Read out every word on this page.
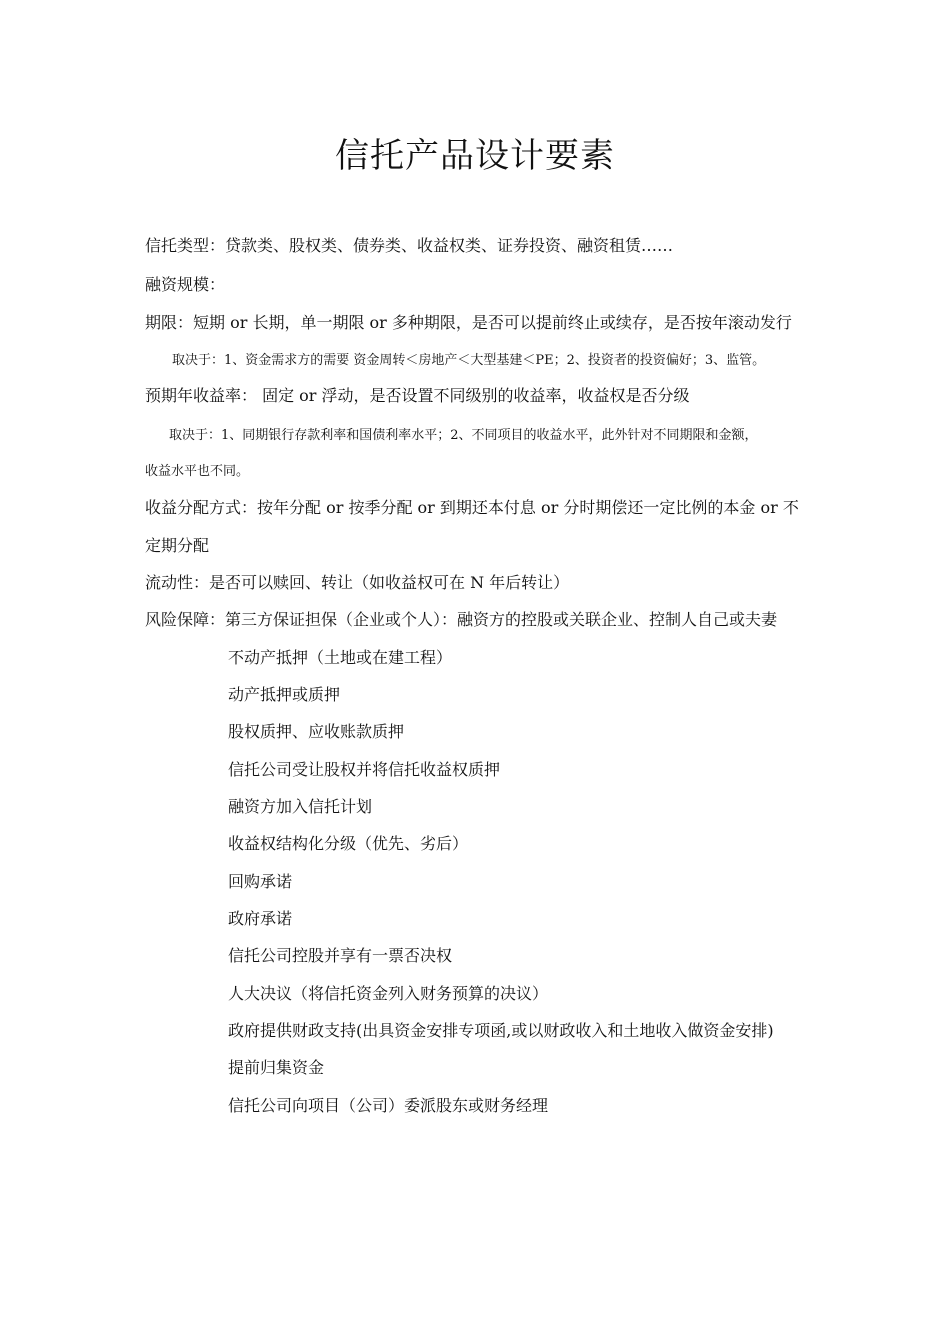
信托产品设计要素
信托类型：贷款类、股权类、债券类、收益权类、证券投资、融资租赁……
融资规模：
期限：短期 or 长期，单一期限 or 多种期限，是否可以提前终止或续存，是否按年滚动发行
取决于：1、资金需求方的需要 资金周转＜房地产＜大型基建＜PE；2、投资者的投资偏好；3、监管。
预期年收益率： 固定 or 浮动，是否设置不同级别的收益率，收益权是否分级
取决于：1、同期银行存款利率和国债利率水平；2、不同项目的收益水平，此外针对不同期限和金额，
收益水平也不同。
收益分配方式：按年分配 or 按季分配 or 到期还本付息 or 分时期偿还一定比例的本金 or 不
定期分配
流动性：是否可以赎回、转让（如收益权可在 N 年后转让）
风险保障：第三方保证担保（企业或个人）：融资方的控股或关联企业、控制人自己或夫妻
不动产抵押（土地或在建工程）
动产抵押或质押
股权质押、应收账款质押
信托公司受让股权并将信托收益权质押
融资方加入信托计划
收益权结构化分级（优先、劣后）
回购承诺
政府承诺
信托公司控股并享有一票否决权
人大决议（将信托资金列入财务预算的决议）
政府提供财政支持(出具资金安排专项函,或以财政收入和土地收入做资金安排)
提前归集资金
信托公司向项目（公司）委派股东或财务经理
